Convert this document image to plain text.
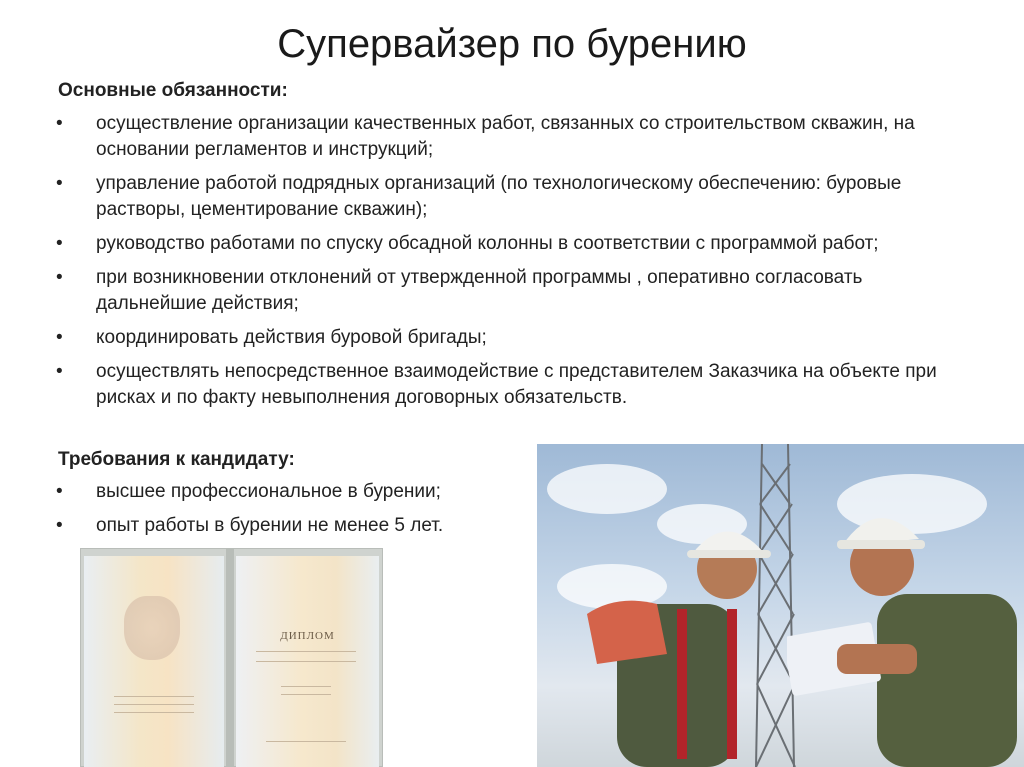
Супервайзер по бурению
Основные обязанности:
•	осуществление организации качественных работ, связанных со строительством скважин, на основании регламентов и инструкций;
•	управление работой подрядных организаций (по технологическому обеспечению: буровые растворы, цементирование скважин);
•	руководство работами по спуску обсадной колонны в соответствии с программой работ;
•	при возникновении отклонений от утвержденной программы , оперативно согласовать дальнейшие действия;
•	координировать действия буровой бригады;
•	осуществлять непосредственное взаимодействие с представителем Заказчика на объекте при рисках и по факту невыполнения договорных обязательств.
Требования к кандидату:
•	высшее профессиональное в бурении;
•	опыт работы в бурении не менее 5 лет.
ДИПЛОМ
